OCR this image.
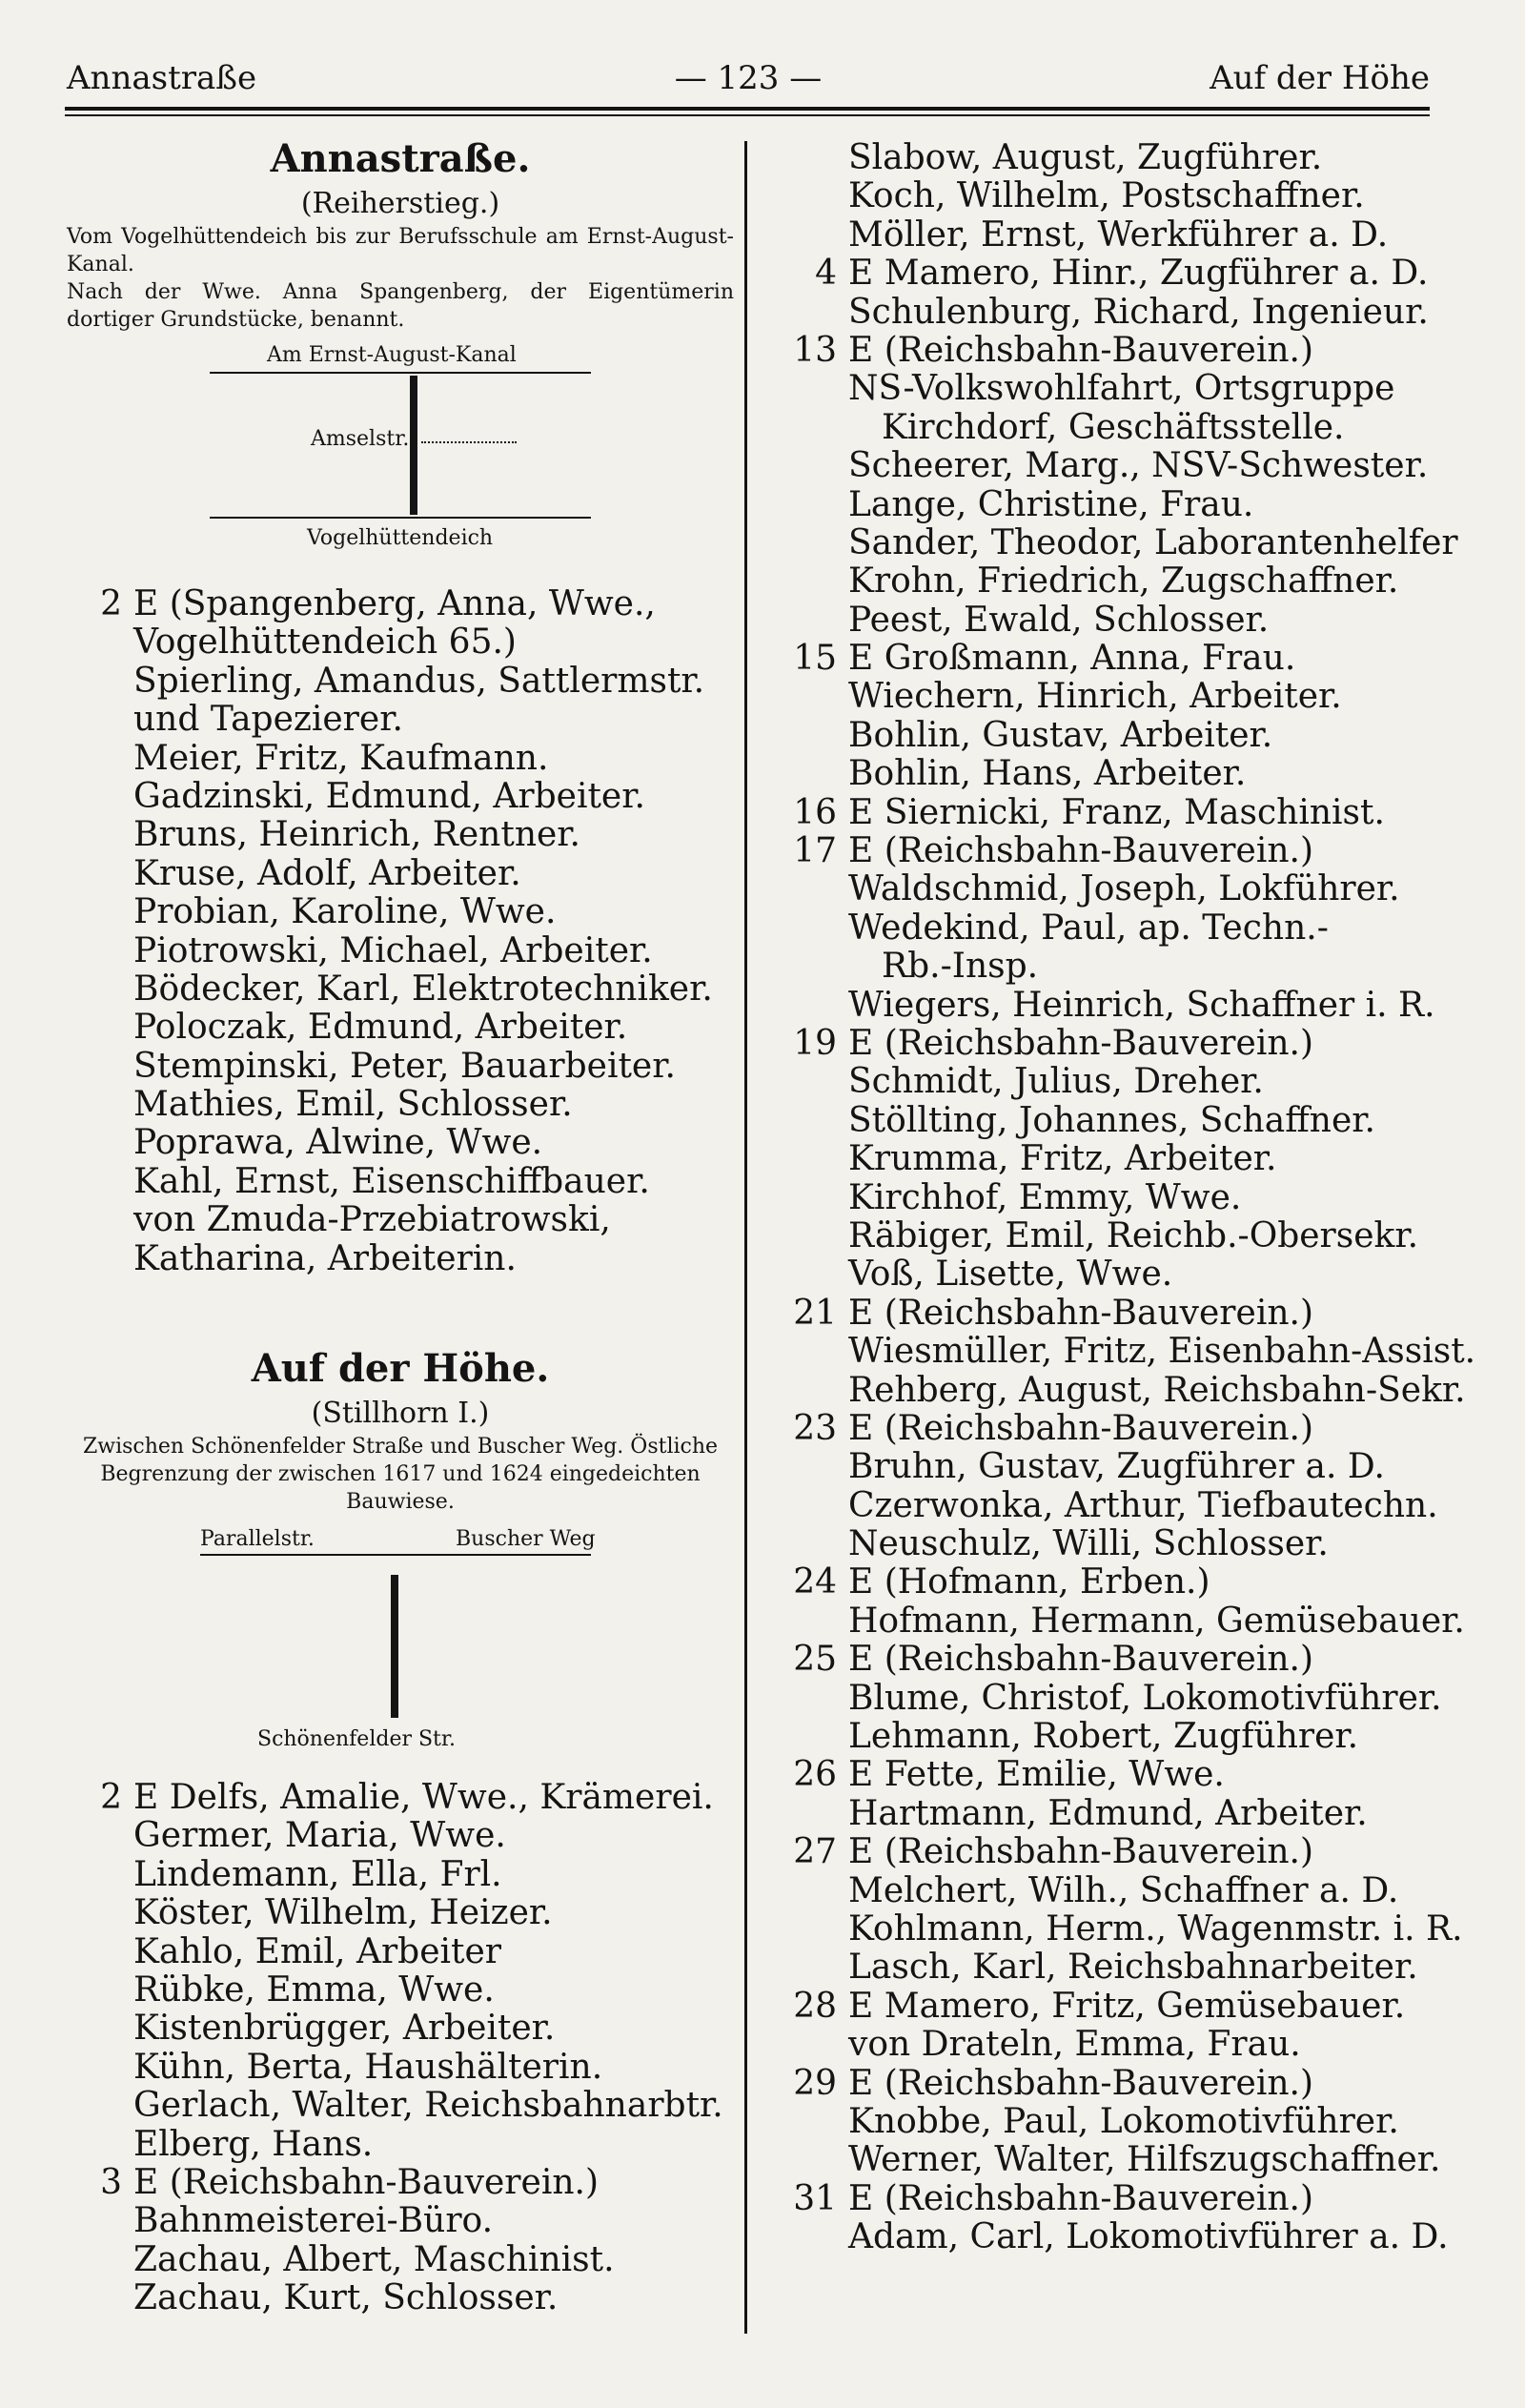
Annastraße	— 123 —	Auf der Höhe
Annastraße.
(Reiherstieg.)
Vom Vogelhüttendeich bis zur Berufsschule am Ernst-August-Kanal.
Nach der Wwe. Anna Spangenberg, der Eigentümerin dortiger Grundstücke, benannt.
Am Ernst-August-Kanal
Amselstr.
Vogelhüttendeich
2 E (Spangenberg, Anna, Wwe.,
Vogelhüttendeich 65.)
Spierling, Amandus, Sattlermstr.
und Tapezierer.
Meier, Fritz, Kaufmann.
Gadzinski, Edmund, Arbeiter.
Bruns, Heinrich, Rentner.
Kruse, Adolf, Arbeiter.
Probian, Karoline, Wwe.
Piotrowski, Michael, Arbeiter.
Bödecker, Karl, Elektrotechniker.
Poloczak, Edmund, Arbeiter.
Stempinski, Peter, Bauarbeiter.
Mathies, Emil, Schlosser.
Poprawa, Alwine, Wwe.
Kahl, Ernst, Eisenschiffbauer.
von Zmuda-Przebiatrowski,
Katharina, Arbeiterin.
Auf der Höhe.
(Stillhorn I.)
Zwischen Schönenfelder Straße und Buscher Weg. Östliche Begrenzung der zwischen 1617 und 1624 eingedeichten Bauwiese.
Parallelstr.	Buscher Weg
Schönenfelder Str.
2 E Delfs, Amalie, Wwe., Krämerei.
Germer, Maria, Wwe.
Lindemann, Ella, Frl.
Köster, Wilhelm, Heizer.
Kahlo, Emil, Arbeiter
Rübke, Emma, Wwe.
Kistenbrügger, Arbeiter.
Kühn, Berta, Haushälterin.
Gerlach, Walter, Reichsbahnarbtr.
Elberg, Hans.
3 E (Reichsbahn-Bauverein.)
Bahnmeisterei-Büro.
Zachau, Albert, Maschinist.
Zachau, Kurt, Schlosser.
Slabow, August, Zugführer.
Koch, Wilhelm, Postschaffner.
Möller, Ernst, Werkführer a. D.
4 E Mamero, Hinr., Zugführer a. D.
Schulenburg, Richard, Ingenieur.
13 E (Reichsbahn-Bauverein.)
NS-Volkswohlfahrt, Ortsgruppe
Kirchdorf, Geschäftsstelle.
Scheerer, Marg., NSV-Schwester.
Lange, Christine, Frau.
Sander, Theodor, Laborantenhelfer
Krohn, Friedrich, Zugschaffner.
Peest, Ewald, Schlosser.
15 E Großmann, Anna, Frau.
Wiechern, Hinrich, Arbeiter.
Bohlin, Gustav, Arbeiter.
Bohlin, Hans, Arbeiter.
16 E Siernicki, Franz, Maschinist.
17 E (Reichsbahn-Bauverein.)
Waldschmid, Joseph, Lokführer.
Wedekind, Paul, ap. Techn.-
Rb.-Insp.
Wiegers, Heinrich, Schaffner i. R.
19 E (Reichsbahn-Bauverein.)
Schmidt, Julius, Dreher.
Stöllting, Johannes, Schaffner.
Krumma, Fritz, Arbeiter.
Kirchhof, Emmy, Wwe.
Räbiger, Emil, Reichb.-Obersekr.
Voß, Lisette, Wwe.
21 E (Reichsbahn-Bauverein.)
Wiesmüller, Fritz, Eisenbahn-Assist.
Rehberg, August, Reichsbahn-Sekr.
23 E (Reichsbahn-Bauverein.)
Bruhn, Gustav, Zugführer a. D.
Czerwonka, Arthur, Tiefbautechn.
Neuschulz, Willi, Schlosser.
24 E (Hofmann, Erben.)
Hofmann, Hermann, Gemüsebauer.
25 E (Reichsbahn-Bauverein.)
Blume, Christof, Lokomotivführer.
Lehmann, Robert, Zugführer.
26 E Fette, Emilie, Wwe.
Hartmann, Edmund, Arbeiter.
27 E (Reichsbahn-Bauverein.)
Melchert, Wilh., Schaffner a. D.
Kohlmann, Herm., Wagenmstr. i. R.
Lasch, Karl, Reichsbahnarbeiter.
28 E Mamero, Fritz, Gemüsebauer.
von Drateln, Emma, Frau.
29 E (Reichsbahn-Bauverein.)
Knobbe, Paul, Lokomotivführer.
Werner, Walter, Hilfszugschaffner.
31 E (Reichsbahn-Bauverein.)
Adam, Carl, Lokomotivführer a. D.
